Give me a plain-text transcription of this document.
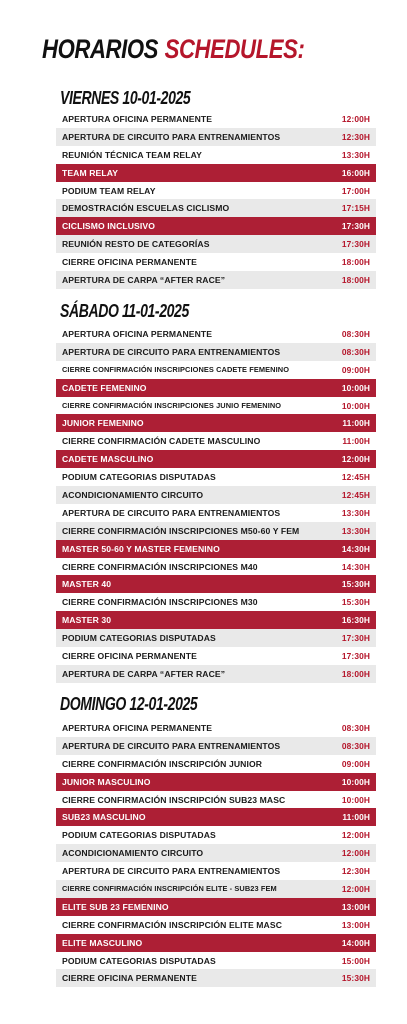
HORARIOS SCHEDULES:
VIERNES 10-01-2025
APERTURA OFICINA PERMANENTE	12:00H
APERTURA DE CIRCUITO PARA ENTRENAMIENTOS	12:30H
REUNIÓN TÉCNICA TEAM RELAY	13:30H
TEAM RELAY	16:00H
PODIUM TEAM RELAY	17:00H
DEMOSTRACIÓN ESCUELAS CICLISMO	17:15H
CICLISMO INCLUSIVO	17:30H
REUNIÓN RESTO DE CATEGORÍAS	17:30H
CIERRE OFICINA PERMANENTE	18:00H
APERTURA DE CARPA “AFTER RACE”	18:00H
SÁBADO 11-01-2025
APERTURA OFICINA PERMANENTE	08:30H
APERTURA DE CIRCUITO PARA ENTRENAMIENTOS	08:30H
CIERRE CONFIRMACIÓN INSCRIPCIONES CADETE FEMENINO	09:00H
CADETE FEMENINO	10:00H
CIERRE CONFIRMACIÓN INSCRIPCIONES JUNIO FEMENINO	10:00H
JUNIOR FEMENINO	11:00H
CIERRE CONFIRMACIÓN CADETE MASCULINO	11:00H
CADETE MASCULINO	12:00H
PODIUM CATEGORIAS DISPUTADAS	12:45H
ACONDICIONAMIENTO CIRCUITO	12:45H
APERTURA DE CIRCUITO PARA ENTRENAMIENTOS	13:30H
CIERRE CONFIRMACIÓN INSCRIPCIONES M50-60 Y FEM	13:30H
MASTER 50-60 Y MASTER FEMENINO	14:30H
CIERRE CONFIRMACIÓN INSCRIPCIONES M40	14:30H
MASTER 40	15:30H
CIERRE CONFIRMACIÓN INSCRIPCIONES M30	15:30H
MASTER 30	16:30H
PODIUM CATEGORIAS DISPUTADAS	17:30H
CIERRE OFICINA PERMANENTE	17:30H
APERTURA DE CARPA “AFTER RACE”	18:00H
DOMINGO 12-01-2025
APERTURA OFICINA PERMANENTE	08:30H
APERTURA DE CIRCUITO PARA ENTRENAMIENTOS	08:30H
CIERRE CONFIRMACIÓN INSCRIPCIÓN JUNIOR	09:00H
JUNIOR MASCULINO	10:00H
CIERRE CONFIRMACIÓN INSCRIPCIÓN SUB23 MASC	10:00H
SUB23 MASCULINO	11:00H
PODIUM CATEGORIAS DISPUTADAS	12:00H
ACONDICIONAMIENTO CIRCUITO	12:00H
APERTURA DE CIRCUITO PARA ENTRENAMIENTOS	12:30H
CIERRE CONFIRMACIÓN INSCRIPCIÓN ELITE - SUB23 FEM	12:00H
ELITE SUB 23 FEMENINO	13:00H
CIERRE CONFIRMACIÓN INSCRIPCIÓN ELITE MASC	13:00H
ELITE MASCULINO	14:00H
PODIUM CATEGORIAS DISPUTADAS	15:00H
CIERRE OFICINA PERMANENTE	15:30H
